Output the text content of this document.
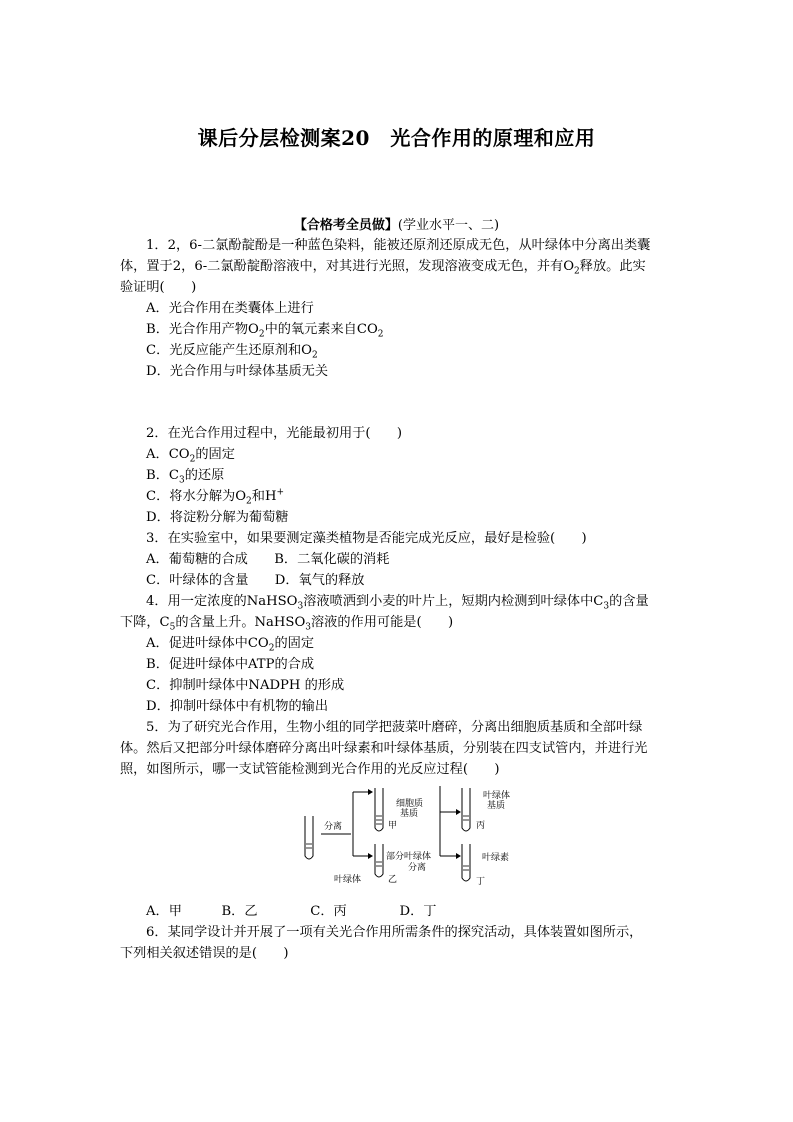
课后分层检测案20　光合作用的原理和应用
【合格考全员做】(学业水平一、二)
1．2，6-二氯酚靛酚是一种蓝色染料，能被还原剂还原成无色，从叶绿体中分离出类囊
体，置于2，6-二氯酚靛酚溶液中，对其进行光照，发现溶液变成无色，并有$O_2$释放。此实
验证明(　　)
A．光合作用在类囊体上进行
B．光合作用产物$O_2$中的氧元素来自$CO_2$
C．光反应能产生还原剂和$O_2$
D．光合作用与叶绿体基质无关
2．在光合作用过程中，光能最初用于(　　)
A．$CO_2$的固定
B．$C_3$的还原
C．将水分解为$O_2$和H+
D．将淀粉分解为葡萄糖
3．在实验室中，如果要测定藻类植物是否能完成光反应，最好是检验(　　)
A．葡萄糖的合成　　B．二氧化碳的消耗
C．叶绿体的含量　　D．氧气的释放
4．用一定浓度的NaHSO$_3$溶液喷洒到小麦的叶片上，短期内检测到叶绿体中$C_3$的含量
下降，$C_5$的含量上升。NaHSO$_3$溶液的作用可能是(　　)
A．促进叶绿体中$CO_2$的固定
B．促进叶绿体中ATP的合成
C．抑制叶绿体中NADPH 的形成
D．抑制叶绿体中有机物的输出
5．为了研究光合作用，生物小组的同学把菠菜叶磨碎，分离出细胞质基质和全部叶绿
体。然后又把部分叶绿体磨碎分离出叶绿素和叶绿体基质，分别装在四支试管内，并进行光
照，如图所示，哪一支试管能检测到光合作用的光反应过程(　　)
分离
细胞质
基质
甲
叶绿体	乙
部分叶绿体
分离
叶绿体
基质
丙
叶绿素
丁
A．甲　　　B．乙　　　　C．丙　　　　D．丁
6．某同学设计并开展了一项有关光合作用所需条件的探究活动，具体装置如图所示，
下列相关叙述错误的是(　　)
